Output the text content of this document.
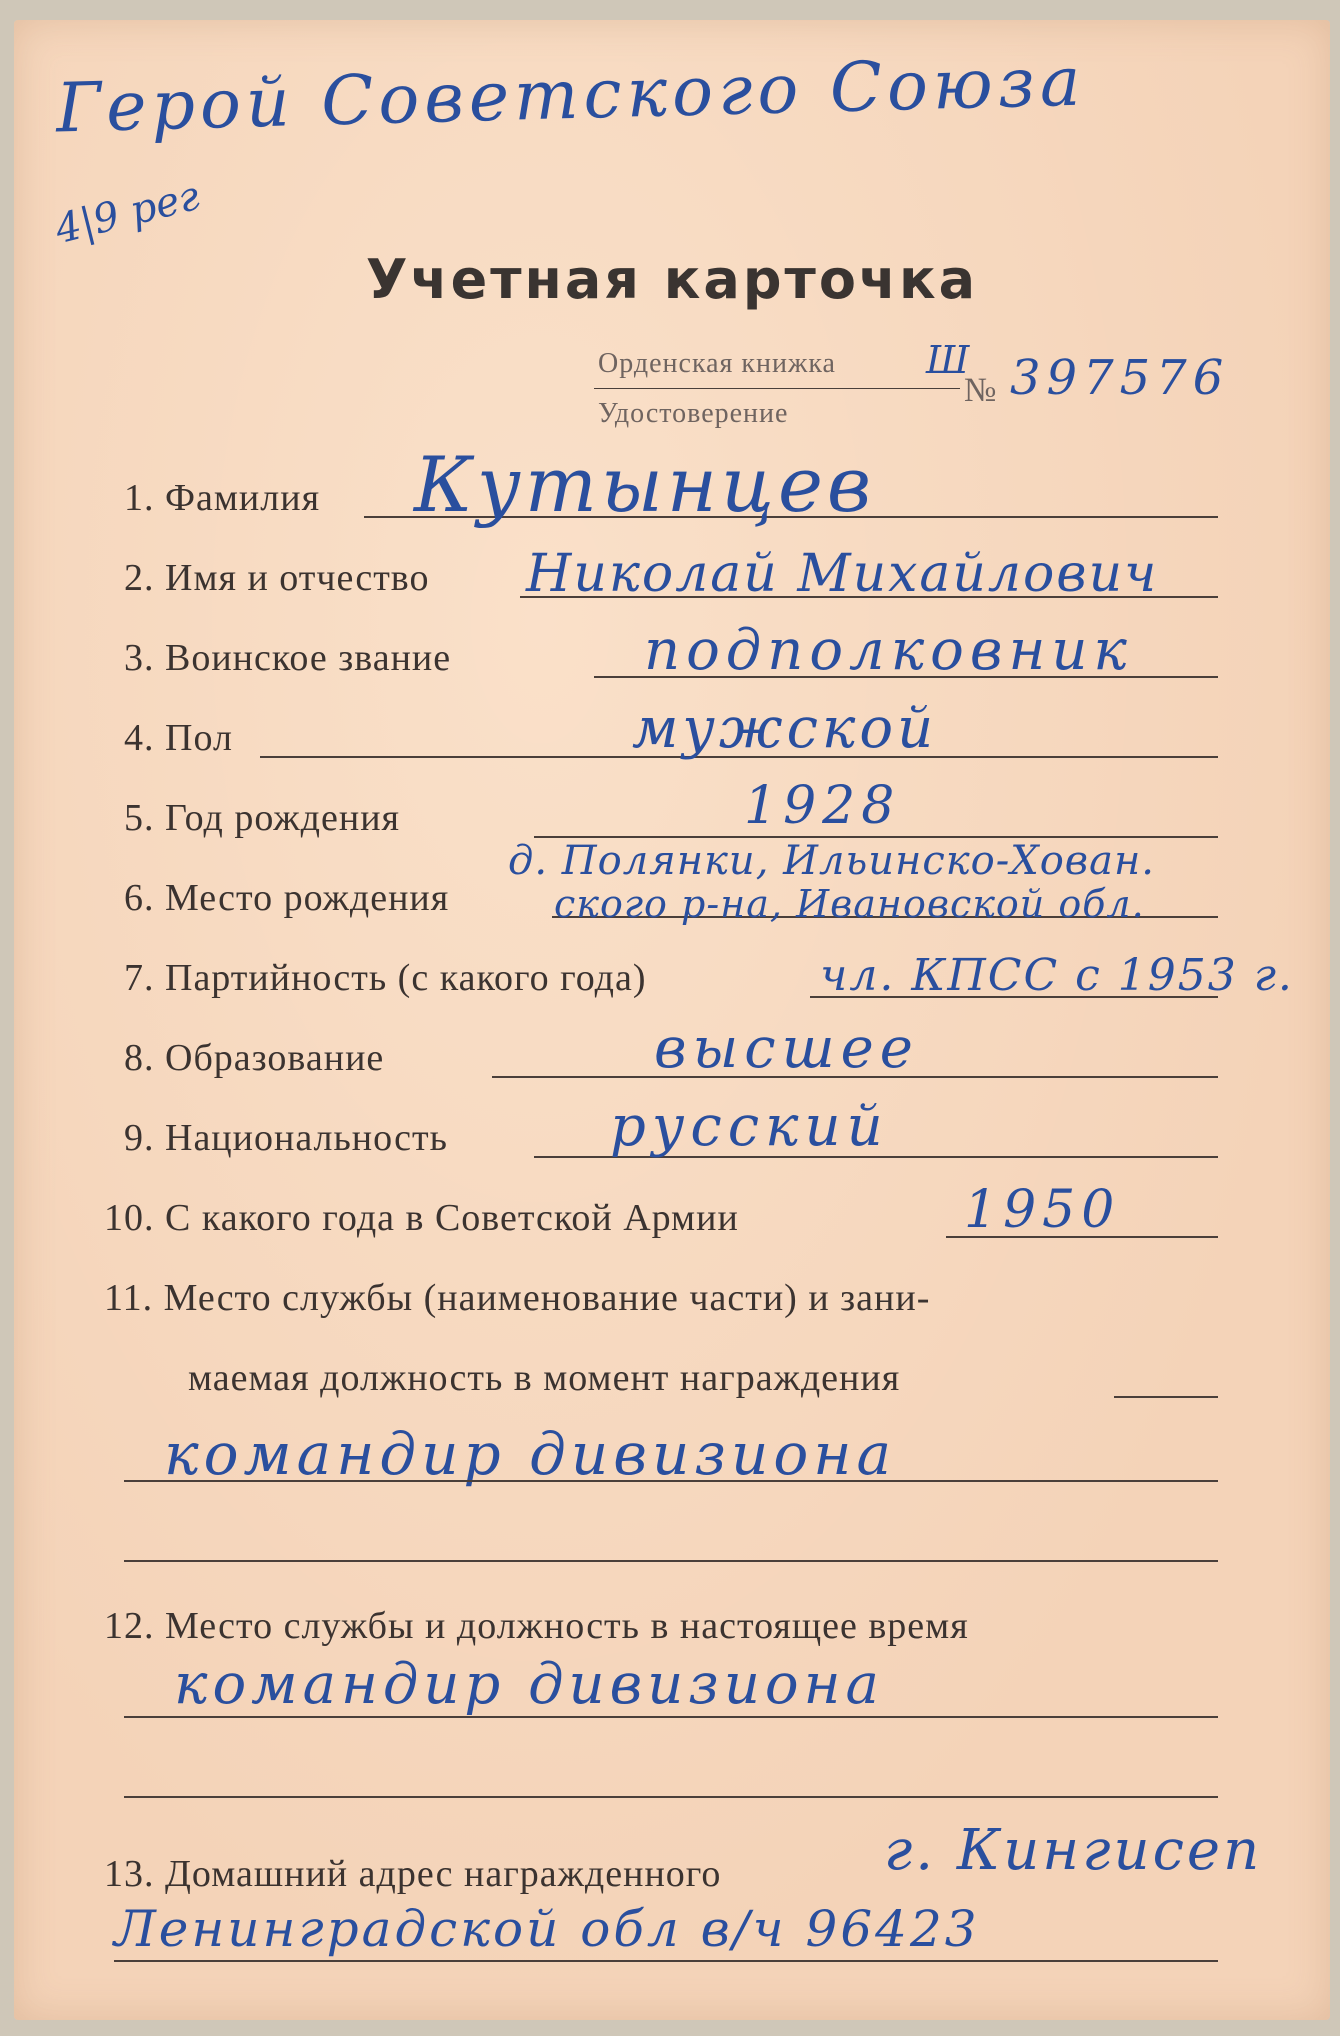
Герой Советского Союза
4|9 рег
Учетная карточка
Орденская книжка Ш
№ 397576
Удостоверение
1. Фамилия Кутынцев
2. Имя и отчество Николай Михайлович
3. Воинское звание	подполковник
4. Пол	мужской
5. Год рождения	1928
д. Полянки, Ильинско-Хован.
6. Место рождения	ского р-на, Ивановской обл.
7. Партийность (с какого года)	чл. КПСС с 1953 г.
8. Образование	высшее
9. Национальность	русский
10. С какого года в Советской Армии	1950
11. Место службы (наименование части) и зани-
маемая должность в момент награждения
командир дивизиона
12. Место службы и должность в настоящее время
командир дивизиона
13. Домашний адрес награжденного	г. Кингисеп
Ленинградской обл в/ч 96423
